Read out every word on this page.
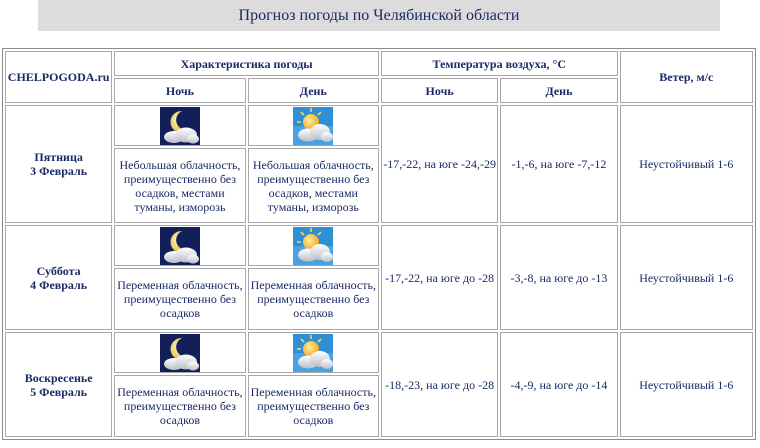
Прогноз погоды по Челябинской области
CHELPOGODA.ru	Характеристика погоды		Температура воздуха, °С		Ветер, м/с
	Ночь	День	Ночь	День	
Пятница
3 Февраль			-17,-22, на юге -24,-29	-1,-6, на юге -7,-12	Неустойчивый 1-6
	Небольшая облачность, преимущественно без осадков, местами туманы, изморозь	Небольшая облачность, преимущественно без осадков, местами туманы, изморозь			
Суббота
4 Февраль			-17,-22, на юге до -28	-3,-8, на юге до -13	Неустойчивый 1-6
	Переменная облачность, преимущественно без осадков	Переменная облачность, преимущественно без осадков			
Воскресенье
5 Февраль			-18,-23, на юге до -28	-4,-9, на юге до -14	Неустойчивый 1-6
	Переменная облачность, преимущественно без осадков	Переменная облачность, преимущественно без осадков			
